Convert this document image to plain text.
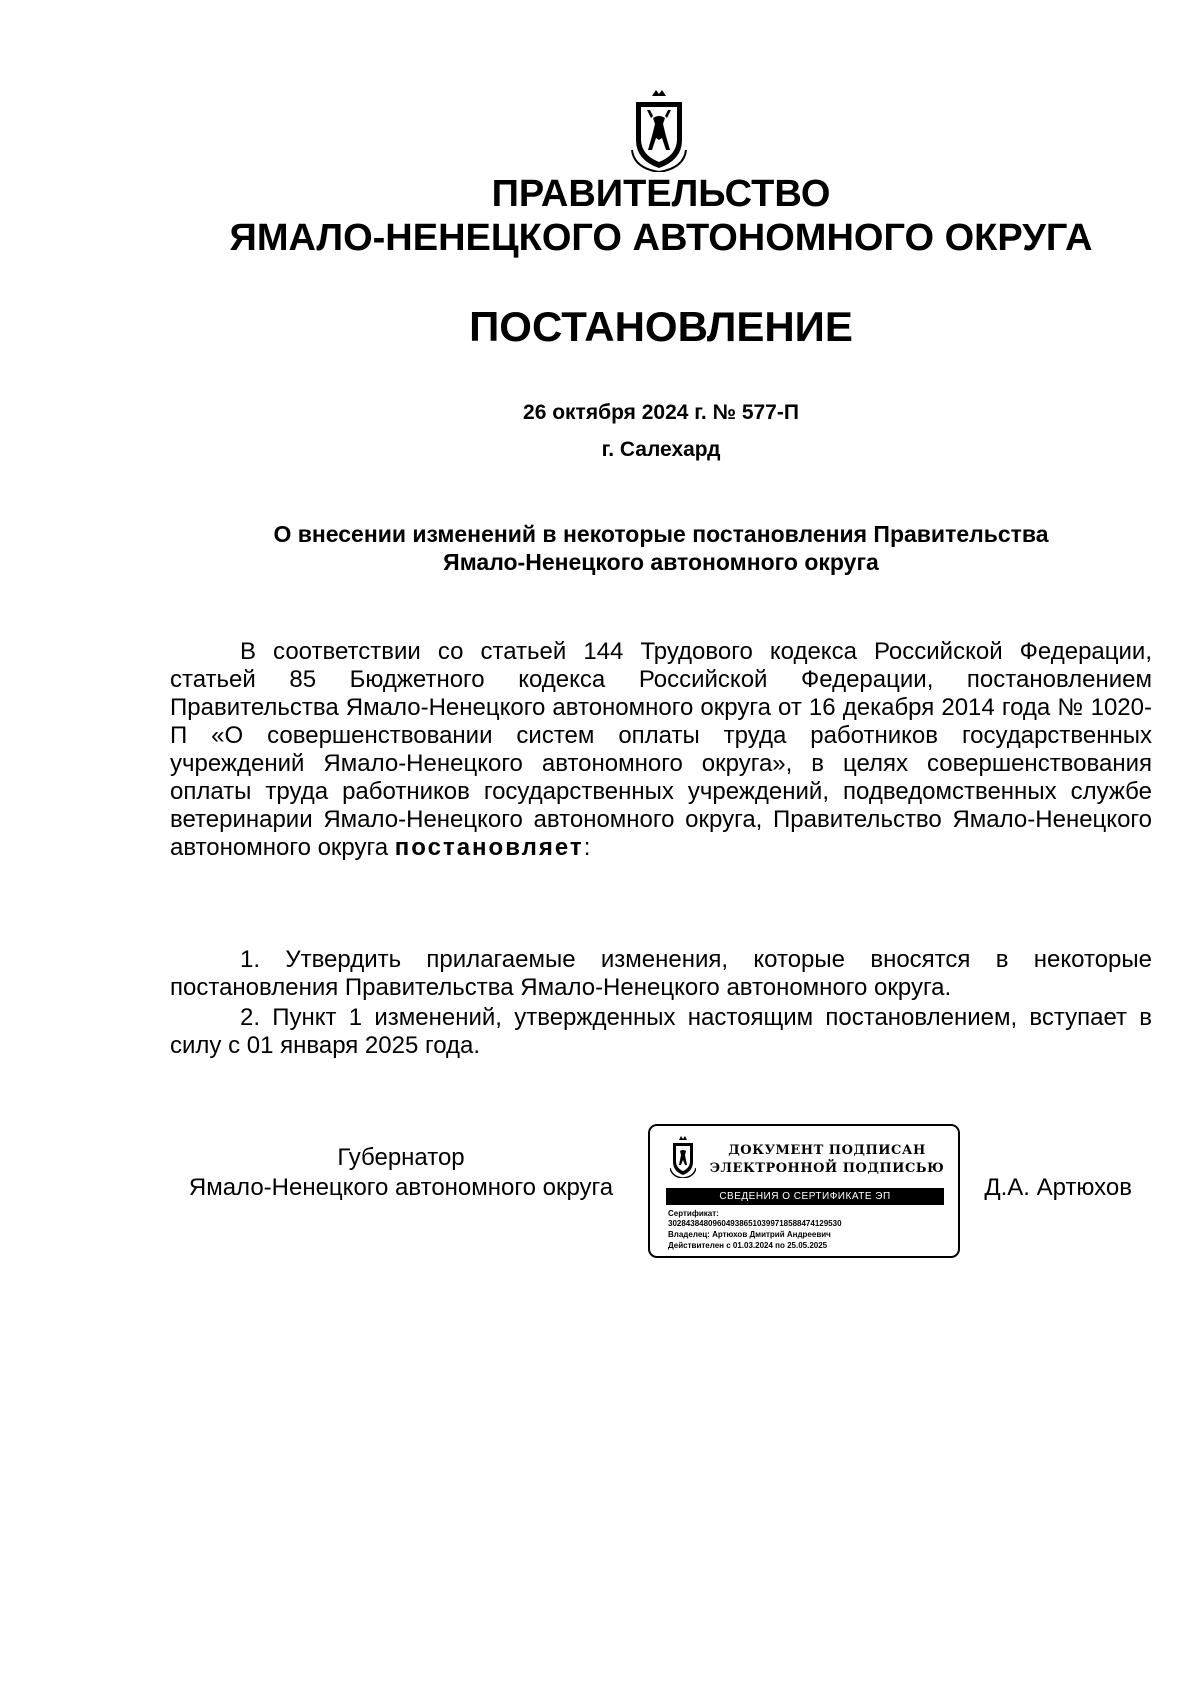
ПРАВИТЕЛЬСТВО
ЯМАЛО-НЕНЕЦКОГО АВТОНОМНОГО ОКРУГА
ПОСТАНОВЛЕНИЕ
26 октября 2024 г. № 577-П
г. Салехард
О внесении изменений в некоторые постановления Правительства
Ямало-Ненецкого автономного округа

В соответствии со статьей 144 Трудового кодекса Российской Федерации, статьей 85 Бюджетного кодекса Российской Федерации, постановлением Правительства Ямало-Ненецкого автономного округа от 16 декабря 2014 года № 1020-П «О совершенствовании систем оплаты труда работников государственных учреждений Ямало-Ненецкого автономного округа», в целях совершенствования оплаты труда работников государственных учреждений, подведомственных службе ветеринарии Ямало-Ненецкого автономного округа, Правительство Ямало-Ненецкого автономного округа постановляет:

1. Утвердить прилагаемые изменения, которые вносятся в некоторые постановления Правительства Ямало-Ненецкого автономного округа.

2. Пункт 1 изменений, утвержденных настоящим постановлением, вступает в силу с 01 января 2025 года.

Губернатор
Ямало-Ненецкого автономного округа
ДОКУМЕНТ ПОДПИСАН
ЭЛЕКТРОННОЙ ПОДПИСЬЮ
СВЕДЕНИЯ О СЕРТИФИКАТЕ ЭП
Сертификат:
302843848096049386510399718588474129530
Владелец: Артюхов Дмитрий Андреевич
Действителен с 01.03.2024 по 25.05.2025
Д.А. Артюхов
